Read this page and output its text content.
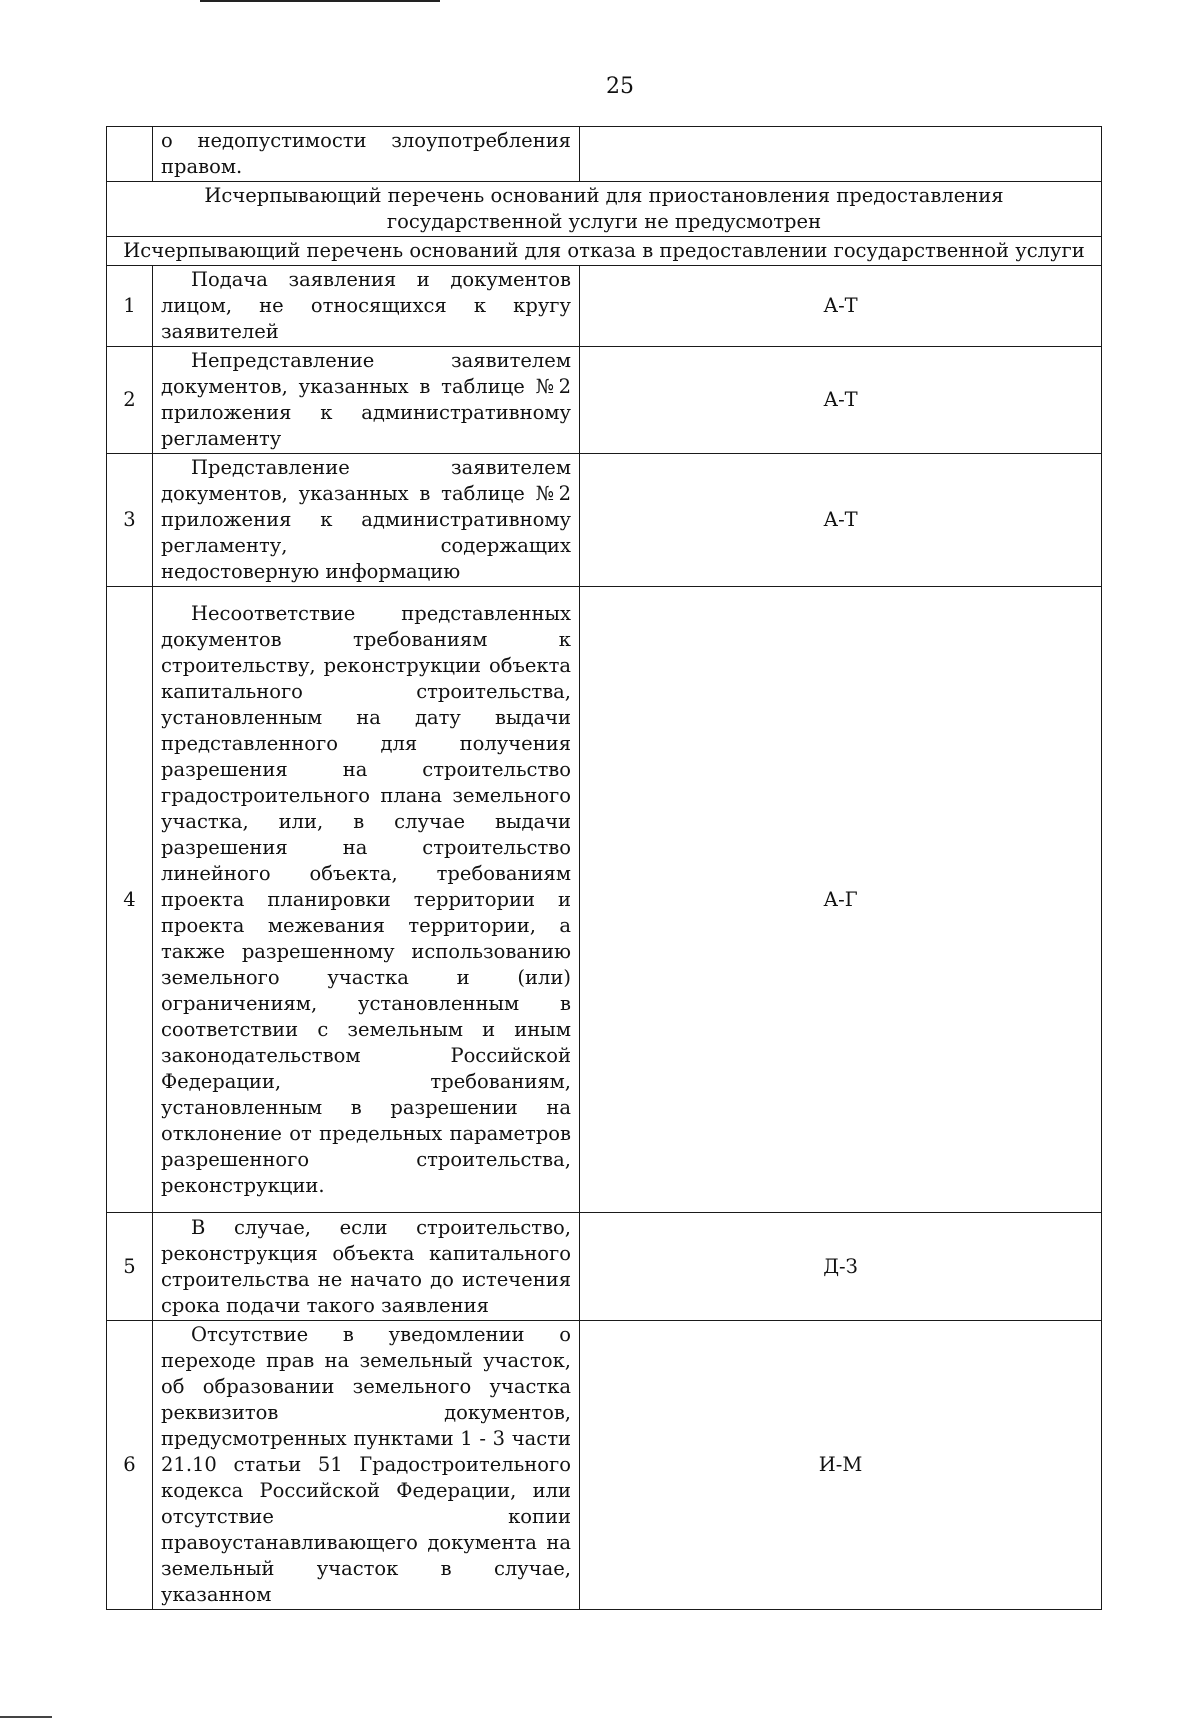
25
	о недопустимости злоупотребления правом.	
Исчерпывающий перечень оснований для приостановления предоставления государственной услуги не предусмотрен		
Исчерпывающий перечень оснований для отказа в предоставлении государственной услуги		
1	Подача заявления и документов лицом, не относящихся к кругу заявителей	А-Т
2	Непредставление заявителем документов, указанных в таблице №2 приложения к административному регламенту	А-Т
3	Представление заявителем документов, указанных в таблице №2 приложения к административному регламенту, содержащих недостоверную информацию	А-Т
4	Несоответствие представленных документов требованиям к строительству, реконструкции объекта капитального строительства, установленным на дату выдачи представленного для получения разрешения на строительство градостроительного плана земельного участка, или, в случае выдачи разрешения на строительство линейного объекта, требованиям проекта планировки территории и проекта межевания территории, а также разрешенному использованию земельного участка и (или) ограничениям, установленным в соответствии с земельным и иным законодательством Российской Федерации, требованиям, установленным в разрешении на отклонение от предельных параметров разрешенного строительства, реконструкции.	А-Г
5	В случае, если строительство, реконструкция объекта капитального строительства не начато до истечения срока подачи такого заявления	Д-З
6	Отсутствие в уведомлении о переходе прав на земельный участок, об образовании земельного участка реквизитов документов, предусмотренных пунктами 1 - 3 части 21.10 статьи 51 Градостроительного кодекса Российской Федерации, или отсутствие копии правоустанавливающего документа на земельный участок в случае, указанном	И-М
